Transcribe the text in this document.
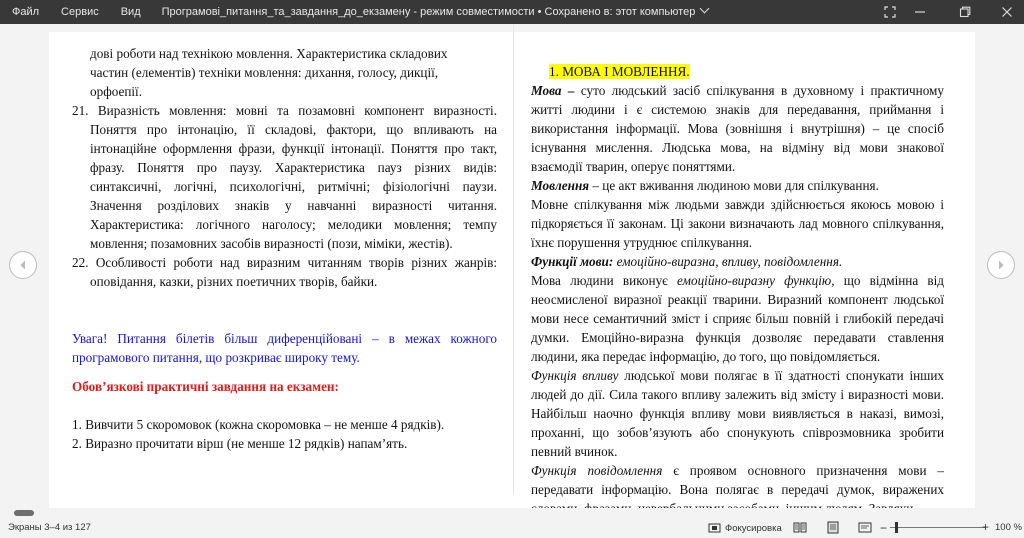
Файл	Сервис	Вид	Програмові_питання_та_завдання_до_екзамену - режим совместимости • Сохранено в: этот компьютер
дові роботи над технікою мовлення. Характеристика складових
частин (елементів) техніки мовлення: дихання, голосу, дикції,
орфоепії.
21. Виразність мовлення: мовні та позамовні компонент виразності. Поняття про інтонацію, її складові, фактори, що впливають на інтонаційне оформлення фрази, функції інтонації. Поняття про такт, фразу. Поняття про паузу. Характеристика пауз різних видів: синтаксичні, логічні, психологічні, ритмічні; фізіологічні паузи. Значення розділових знаків у навчанні виразності читання. Характеристика: логічного наголосу; мелодики мовлення; темпу мовлення; позамовних засобів виразності (пози, міміки, жестів).
22. Особливості роботи над виразним читанням творів різних жанрів: оповідання, казки, різних поетичних творів, байки.
Увага! Питання білетів більш диференційовані – в межах кожного програмового питання, що розкриває широку тему.
Обов’язкові практичні завдання на екзамен:
1. Вивчити 5 скоромовок (кожна скоромовка – не менше 4 рядків).
2. Виразно прочитати вірш (не менше 12 рядків) напам’ять.
1. МОВА І МОВЛЕННЯ.
Мова – суто людський засіб спілкування в духовному і практичному житті людини і є системою знаків для передавання, приймання і використання інформації. Мова (зовнішня і внутрішня) – це спосіб існування мислення. Людська мова, на відміну від мови знакової взаємодії тварин, оперує поняттями.
Мовлення – це акт вживання людиною мови для спілкування.
Мовне спілкування між людьми завжди здійснюється якоюсь мовою і підкоряється її законам. Ці закони визначають лад мовного спілкування, їхнє порушення утруднює спілкування.
Функції мови: емоційно-виразна, впливу, повідомлення.
Мова людини виконує емоційно-виразну функцію, що відмінна від неосмисленої виразної реакції тварини. Виразний компонент людської мови несе семантичний зміст і сприяє більш повній і глибокій передачі думки. Емоційно-виразна функція дозволяє передавати ставлення людини, яка передає інформацію, до того, що повідомляється.
Функція впливу людської мови полягає в її здатності спонукати інших людей до дії. Сила такого впливу залежить від змісту і виразності мови. Найбільш наочно функція впливу мови виявляється в наказі, вимозі, проханні, що зобов’язують або спонукують співрозмовника зробити певний вчинок.
Функція повідомлення є проявом основного призначення мови – передавати інформацію. Вона полягає в передачі думок, виражених
Экраны 3–4 из 127	Фокусировка	−	+ 100 %
